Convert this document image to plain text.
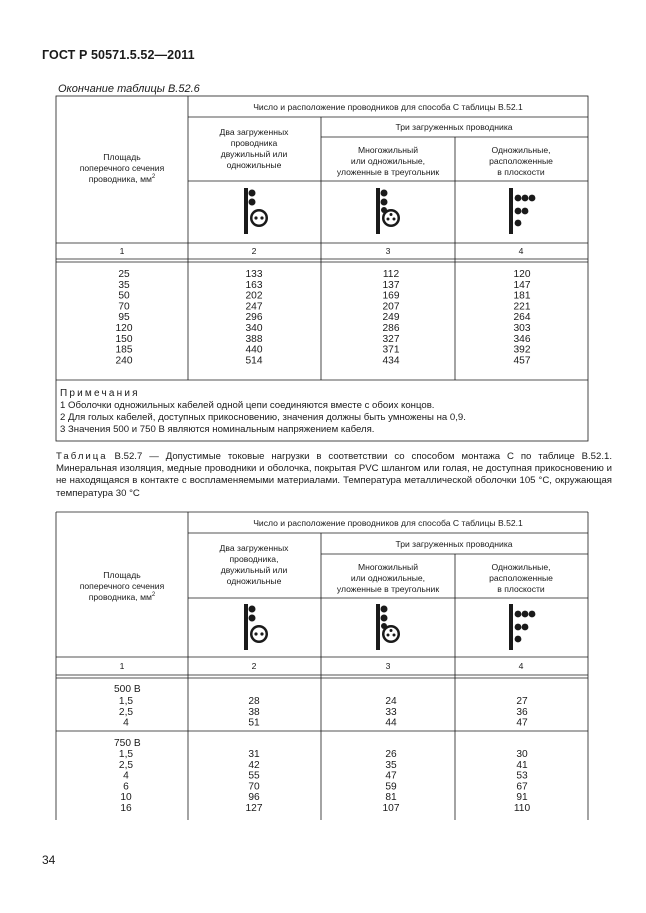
ГОСТ Р 50571.5.52—2011
Окончание таблицы В.52.6
Число и расположение проводников для способа С таблицы В.52.1
Площадь
поперечного сечения
проводника, $мм^2$
Два загруженных
проводника
двужильный или
одножильные
Три загруженных проводника
Многожильный
или одножильные,
уложенные в треугольник
Одножильные,
расположенные
в плоскости
1	2	3	4
25	133	112	120
35	163	137	147
50	202	169	181
70	247	207	221
95	296	249	264
120	340	286	303
150	388	327	346
185	440	371	392
240	514	434	457
Примечания
1 Оболочки одножильных кабелей одной цепи соединяются вместе с обоих концов.
2 Для голых кабелей, доступных прикосновению, значения должны быть умножены на 0,9.
3 Значения 500 и 750 В являются номинальным напряжением кабеля.
Таблица В.52.7 — Допустимые токовые нагрузки в соответствии со способом монтажа С по таблице В.52.1. Минеральная изоляция, медные проводники и оболочка, покрытая PVC шлангом или голая, не доступная прикосновению и не находящаяся в контакте с воспламеняемыми материалами. Температура металлической оболочки 105 °С, окружающая температура 30 °С
Число и расположение проводников для способа С таблицы В.52.1
Площадь
поперечного сечения
проводника, $мм^2$
Два загруженных
проводника,
двужильный или
одножильные
Три загруженных проводника
Многожильный
или одножильные,
уложенные в треугольник
Одножильные,
расположенные
в плоскости
1	2	3	4
500 В
1,5	28	24	27
2,5	38	33	36
4	51	44	47
750 В
1,5	31	26	30
2,5	42	35	41
4	55	47	53
6	70	59	67
10	96	81	91
16	127	107	110
34
